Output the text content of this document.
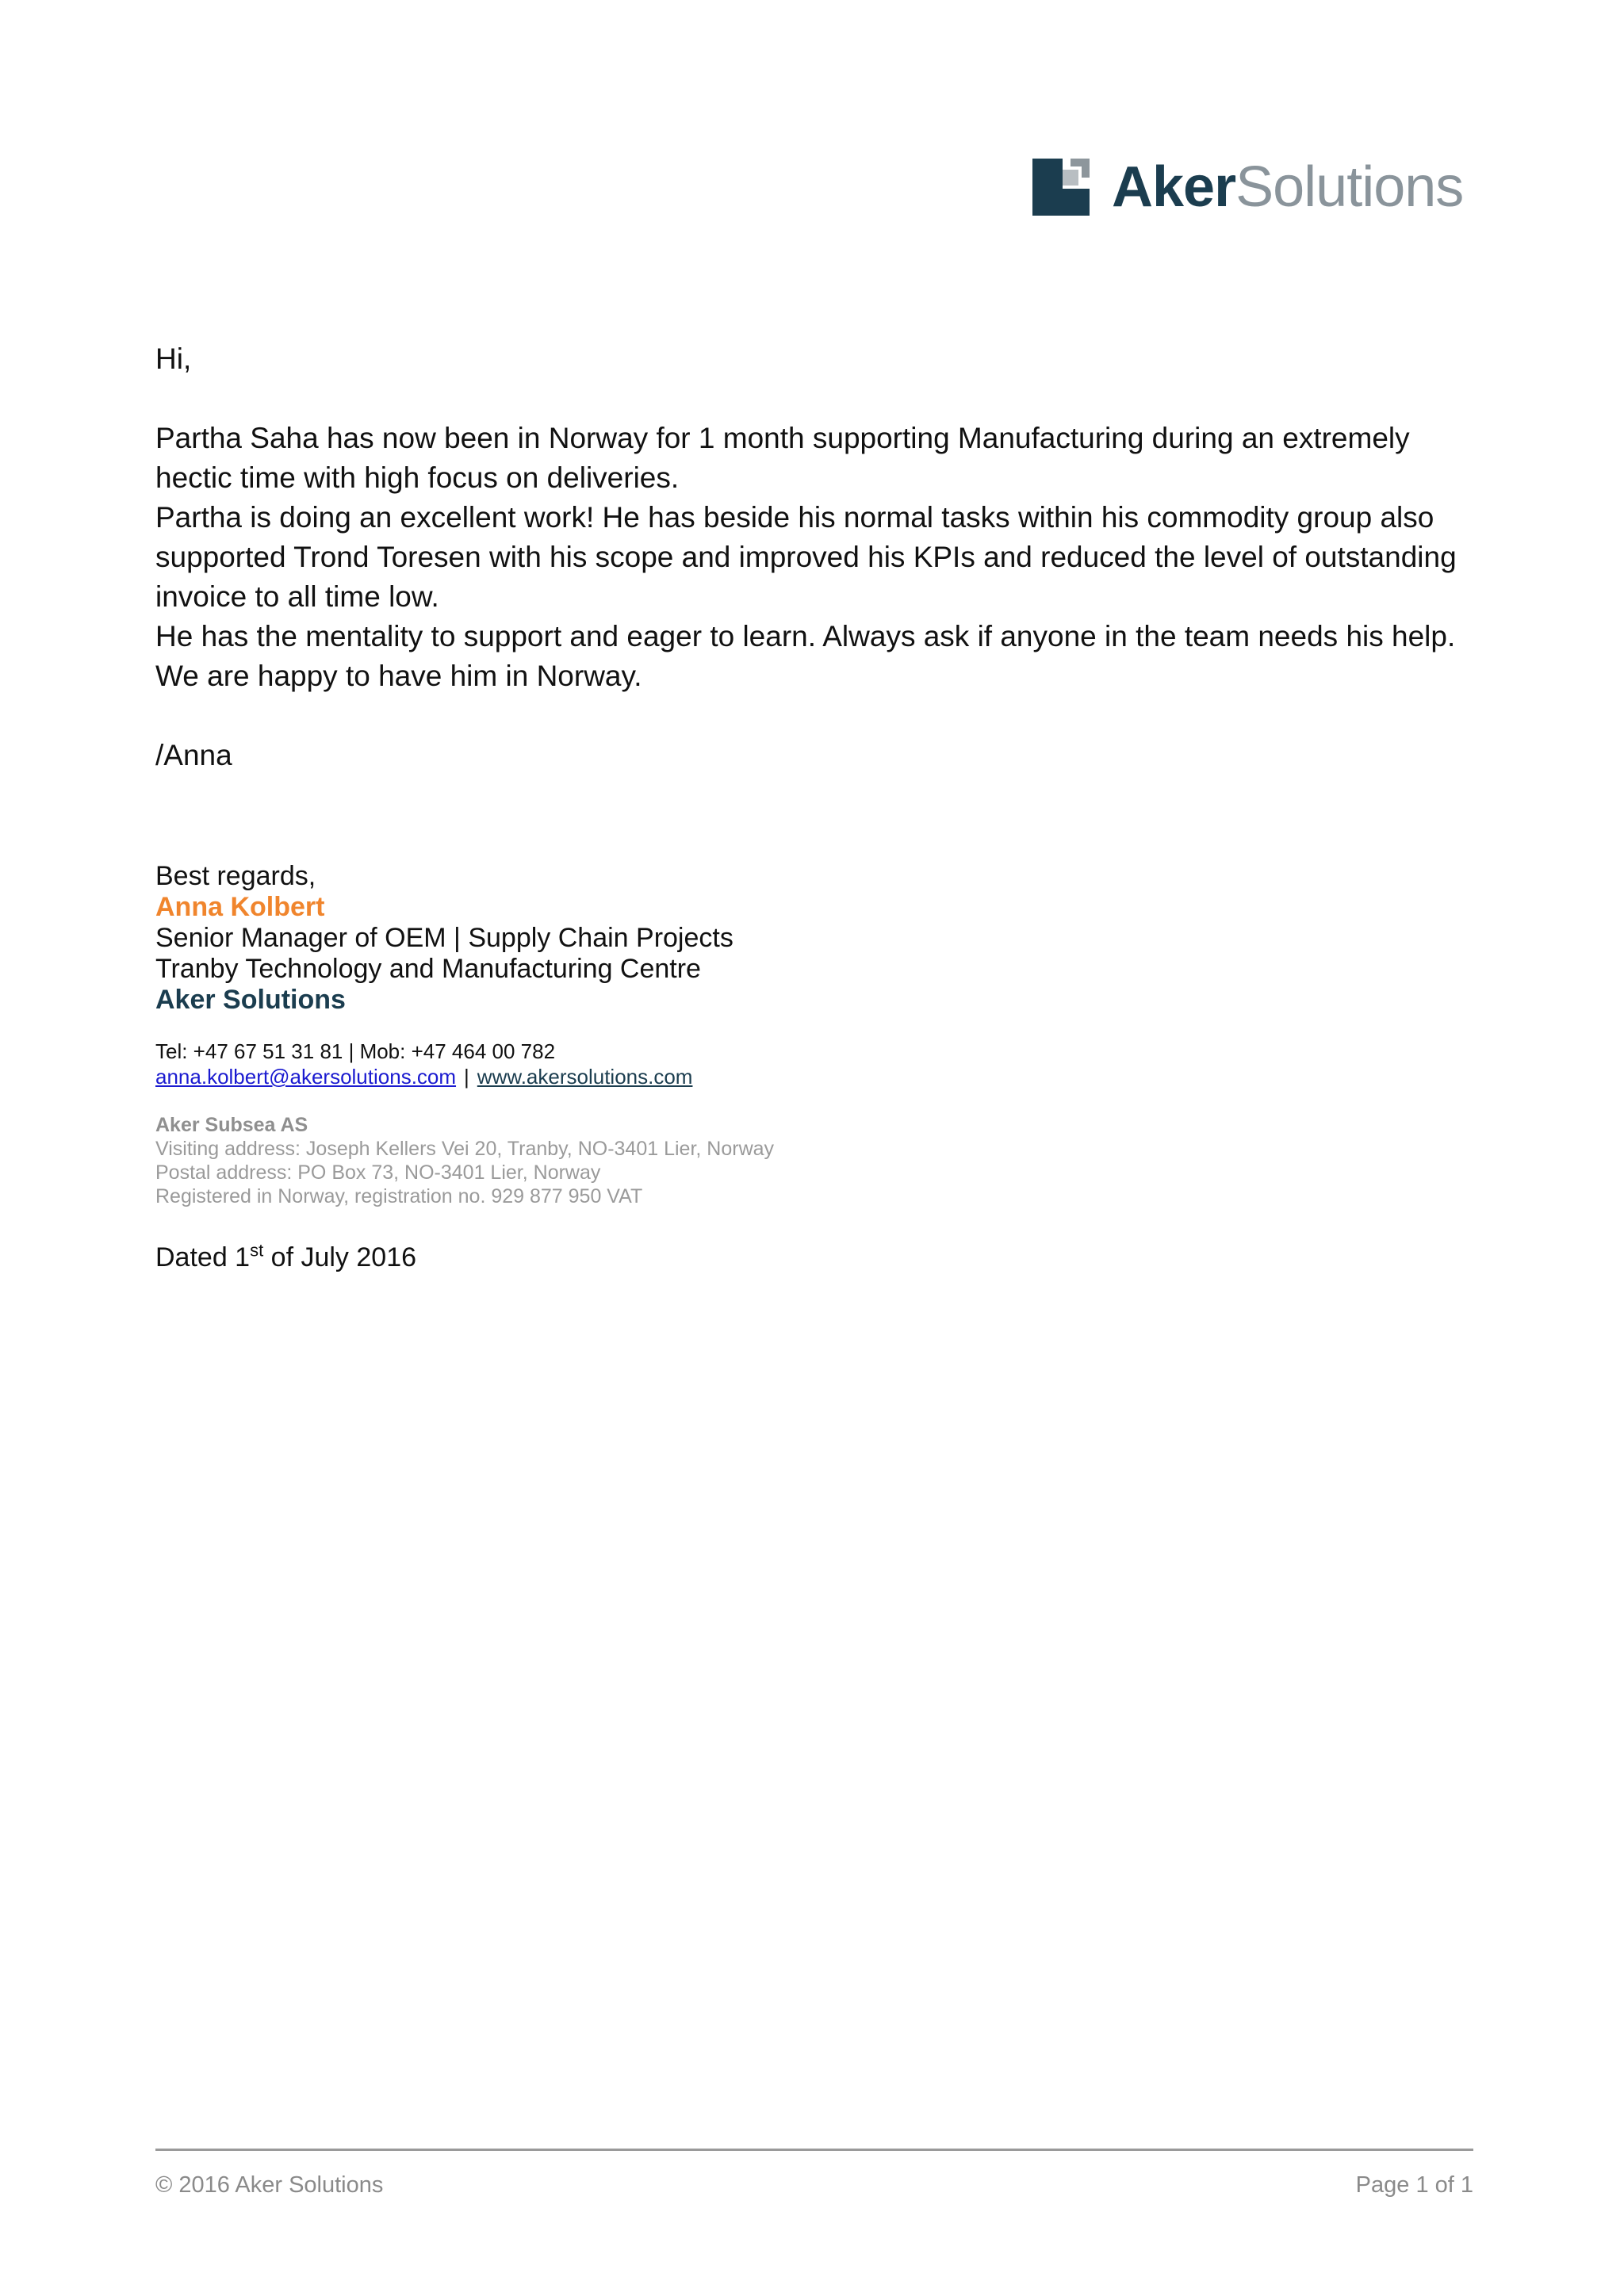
AkerSolutions

Hi,

Partha Saha has now been in Norway for 1 month supporting Manufacturing during an extremely hectic time with high focus on deliveries.

Partha is doing an excellent work! He has beside his normal tasks within his commodity group also supported Trond Toresen with his scope and improved his KPIs and reduced the level of outstanding invoice to all time low.

He has the mentality to support and eager to learn. Always ask if anyone in the team needs his help.

We are happy to have him in Norway.

/Anna

Best regards,
Anna Kolbert
Senior Manager of OEM | Supply Chain Projects
Tranby Technology and Manufacturing Centre
Aker Solutions
Tel: +47 67 51 31 81 | Mob: +47 464 00 782
anna.kolbert@akersolutions.com | www.akersolutions.com
Aker Subsea AS
Visiting address: Joseph Kellers Vei 20, Tranby, NO-3401 Lier, Norway
Postal address: PO Box 73, NO-3401 Lier, Norway
Registered in Norway, registration no. 929 877 950 VAT
Dated 1st of July 2016
© 2016 Aker Solutions	Page 1 of 1
